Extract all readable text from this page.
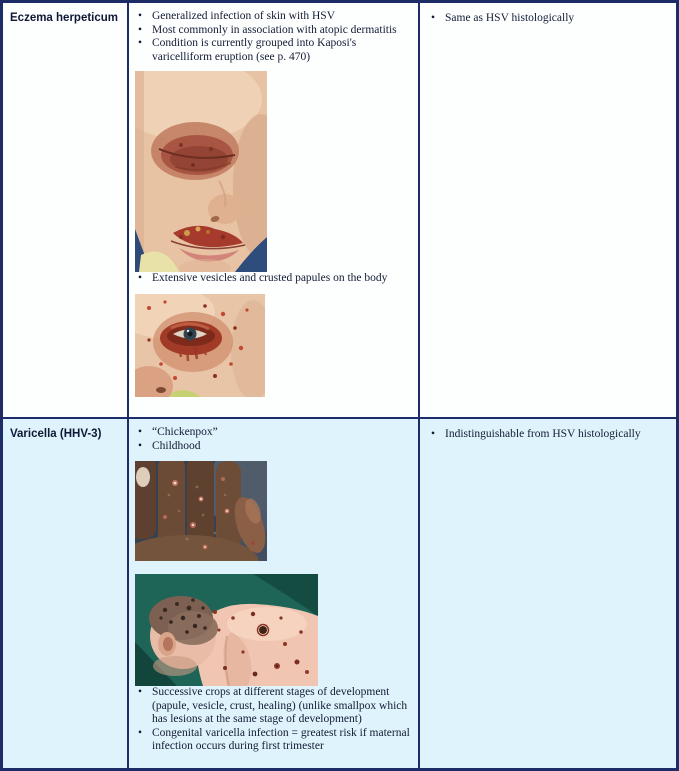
Eczema herpeticum	• Generalized infection of skin with HSV
• Most commonly in association with atopic dermatitis
• Condition is currently grouped into Kaposi's varicelliform eruption (see p. 470)
• Extensive vesicles and crusted papules on the body
• Same as HSV histologically
Varicella (HHV-3)	• “Chickenpox”
• Childhood
• Successive crops at different stages of development (papule, vesicle, crust, healing) (unlike smallpox which has lesions at the same stage of development)
• Congenital varicella infection = greatest risk if maternal infection occurs during first trimester
• Indistinguishable from HSV histologically
